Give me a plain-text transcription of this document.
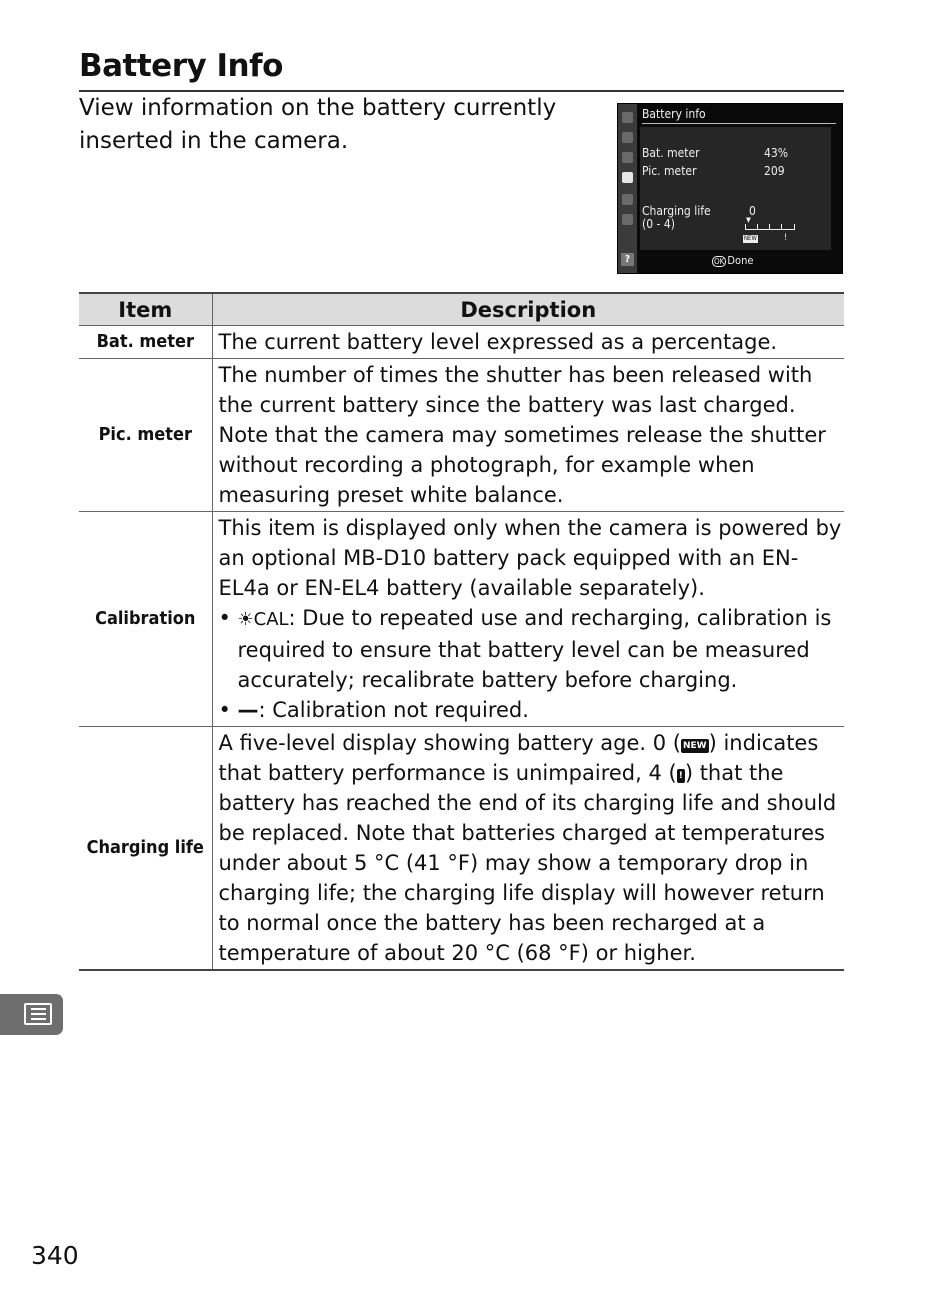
Battery Info
View information on the battery currently inserted in the camera.
?
Battery info
Bat. meter	43%
Pic. meter	209
Charging life
(0 - 4)
0
▼
NEW	!
OK Done
Item	Description
Bat. meter	The current battery level expressed as a percentage.
Pic. meter	The number of times the shutter has been released with the current battery since the battery was last charged. Note that the camera may sometimes release the shutter without recording a photograph, for example when measuring preset white balance.
Calibration	This item is displayed only when the camera is powered by an optional MB-D10 battery pack equipped with an EN-EL4a or EN-EL4 battery (available separately).
• ☀CAL: Due to repeated use and recharging, calibration is required to ensure that battery level can be measured accurately; recalibrate battery before charging.
• —: Calibration not required.

Charging life	A five-level display showing battery age. 0 ( NEW) indicates that battery performance is unimpaired, 4 ( !) that the battery has reached the end of its charging life and should be replaced. Note that batteries charged at temperatures under about 5 °C (41 °F) may show a temporary drop in charging life; the charging life display will however return to normal once the battery has been recharged at a temperature of about 20 °C (68 °F) or higher.
340
